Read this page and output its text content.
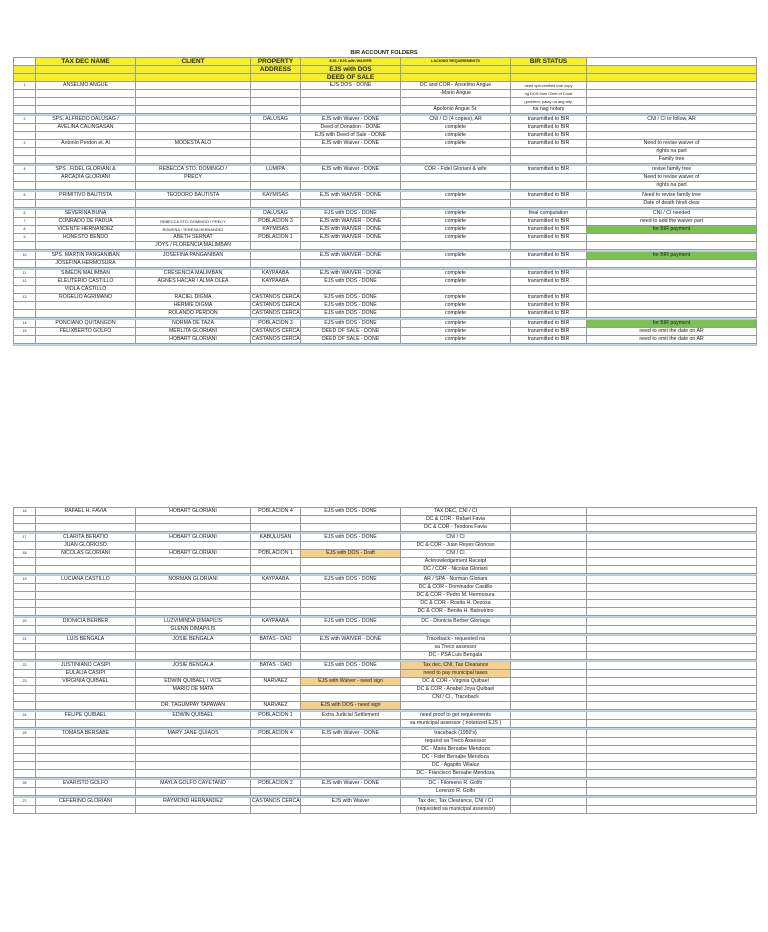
BIR ACCOUNT FOLDERS
	TAX DEC NAME	CLIENT	PROPERTY	EJS / EJS with WAIVER	LACKING REQUIREMENTS	BIR STATUS	
			ADDRESS	EJS with DOS			
				DEED OF SALE			
1	ANSELMO ANGUE			EJS DOS - DONE	DC and COR - Anselmo Angue	need cpa certified true copy	
					-Mario Angue	ng DOS from Clerk of Court	
						(problem: patay na ang atty.	
					Apolonio Angue Sr.	na nag notary	

2	SPS. ALFREDO DALUSAG /		DALUSAG	EJS with Waiver - DONE	CNI / CI (4 copies), AR	transmitted to BIR	CNI / CI to follow, AR
	AVELINA CALINGASAN			Deed of Donation - DONE	complete	transmitted to BIR	
				EJS with Deed of Sale - DONE	complete	transmitted to BIR	
3	Antonio Perdon et. Al	MODESTA ALO		EJS with Waiver - DONE	complete	transmitted to BIR	Need to revise waiver of
							rights na part
							Family tree

4	SPS . FIDEL GLORIANI &	REBECCA STO. DOMINGO /	LUMIPA	EJS with Waiver - DONE	COR - Fidel Gloriani & wife	transmitted to BIR	revise family tree
	ARCADIA GLORIANI	PRECY					Need to revise waiver of
							rights na part

5	PRIMITIVO BAUTISTA	TEODORO BAUTISTA	KAYMISAS	EJS with WAIVER - DONE	complete	transmitted to BIR	Need to revise family tree
							Date of death hindi clear

6	SEVERINA BUNA		DALUSAG	EJS with DOS - DONE	complete	final computation	CNI / CI needed
7	CONRADO DE PADUA	REBECCA STO. DOMINGO / PRECY	POBLACION 3	EJS with WAIVER - DONE	complete	transmitted to BIR	need to add the waiver part
8	VICENTE HERNANDEZ	ROWENA / TERESA HERNANDEZ	KAYMISAS	EJS with WAIVER - DONE	complete	transmitted to BIR	for BIR payment
9	HONESTO BENDO	ABETH SERNAT	POBLACION 1	EJS with WAIVER - DONE	complete	transmitted to BIR	
		JOYS / FLORENCIA MALIMBAN					

10	SPS. MARTIN PANGANIBAN	JOSEFINA PANGANIBAN		EJS with WAIVER - DONE	complete	transmitted to BIR	for BIR payment
	JOSEFINA HERMOSURA						

11	SIMEON MALIMBAN	CRESENCIA MALIMBAN	KAYPAABA	EJS with WAIVER - DONE	complete	transmitted to BIR	
12	ELEUTERIO CASTILLO	AGNES HACAR / ALMA OLEA	KAYPAABA	EJS with DOS - DONE	complete	transmitted to BIR	
	VIOLA CASTILLO						
13	ROGELIO AGRIMANO	RACIEL DIGMA	CASTAÑOS CERCA	EJS with DOS - DONE	complete	transmitted to BIR	
		HERMIE DIGMA	CASTAÑOS CERCA	EJS with DOS - DONE	complete	transmitted to BIR	
		ROLANDO PERDON	CASTAÑOS CERCA	EJS with DOS - DONE	complete	transmitted to BIR	

14	PONCIANO QUITANGON	NORMA DE TAZA	POBLACION 3	EJS with DOS - DONE	complete	transmitted to BIR	for BIR payment
15	FELIXBERTO GOLFO	MERLITA GLORIANI	CASTAÑOS CERCA	DEED OF SALE - DONE	complete	transmitted to BIR	need to omit the date on AR
		HOBART GLORIANI	CASTAÑOS CERCA	DEED OF SALE - DONE	complete	transmitted to BIR	need to omit the date on AR

16	RAFAEL H. FAVIA	HOBART GLORIANI	POBLACION 4	EJS with DOS - DONE	TAX DEC, CNI / CI		
					DC & COR - Rafael Favia		
					DC & COR - Teodora Favia		

17	CLARITA BERATIO	HOBART GLORIANI	KABULUSAN	EJS with DOS - DONE	CNI / CI		
	JUAN GLORIOSO				DC & COR - Juan Reyes Glorioso		
18	NICOLAS GLORIANI	HOBART GLORIANI	POBLACION 1	EJS with DOS - Draft	CNI / CI		
					Acknowledgement Receipt		
					DC / COR - Nicolas Gloriani		

19	LUCIANA CASTILLO	NORMAN GLORIANI	KAYPAABA	EJS with DOS - DONE	AR / SPA - Norman Gloriani		
					DC & COR - Dominador Castillo		
					DC & COR - Pedro M. Hermosura		
					DC & COR - Rosita H. Dezosa		
					DC & COR - Benita H. Baloutrino		

20	DIONICIA BERBER	LUZVIMINDA DIMAPILIS	KAYPAABA	EJS with DOS - DONE	DC - Dionicia Berber Gloriaga		
		GLENN DIMAPILIS					

21	LUIS BENGALA	JOSIE BENGALA	BATAS - DAO	EJS with WAIVER - DONE	Traceback - requested na		
					sa Treco assessor		
					DC - PSA Luis Bengala		

22	JUSTINIANO CASIPI	JOSIE BENGALA	BATAS - DAO	EJS with DOS - DONE	Tax dec, CNI, Tax Clearance		
	EULALIA CASIPI				need to pay municipal taxes		
23	VIRGINIA QUIBAEL	EDWIN QUIBAEL / VICE	NARVAEZ	EJS with Waiver - need sign	DC & COR - Virginia Quibael		
		MARIO DE MATA			DC & COR - Anabel Joya Quibael		
					CNI / CI , Traceback		
		DR. TAGUMPAY TAPAWAN	NARVAEZ	EJS with DOS - need sign			

24	FELIPE QUIBAEL	EDWIN QUIBAEL	POBLACION 1	Extra Judicial Settlement	need proof to get requirements		
					sa municipal assessor ( notarized EJS )		

25	TOMASA BERSABE	MARY JANE QUIAOS	POBLACION 4	EJS with Waiver - DONE	traceback (1950's)		
					request sa Treco Assessor		
					DC - Maria Bersabe Mendoza		
					DC - Fidel Bersabe Mendoza		
					DC - Agapito Villaluz		
					DC - Francisco Bersabe Mendoza		

26	EVARISTO GOLFO	MAYLA GOLFO CAYETANO	POBLACION 2	EJS with Waiver - DONE	DC - Filomeno R. Golfo		
					Lorenzo R. Golfo		

27	CEFERINO GLORIANI	RAYMOND HERNANDEZ	CASTAÑOS CERCA	EJS with Waiver	Tax dec, Tax Clearance, CNI / CI		
					(requested sa municipal assessor)		
